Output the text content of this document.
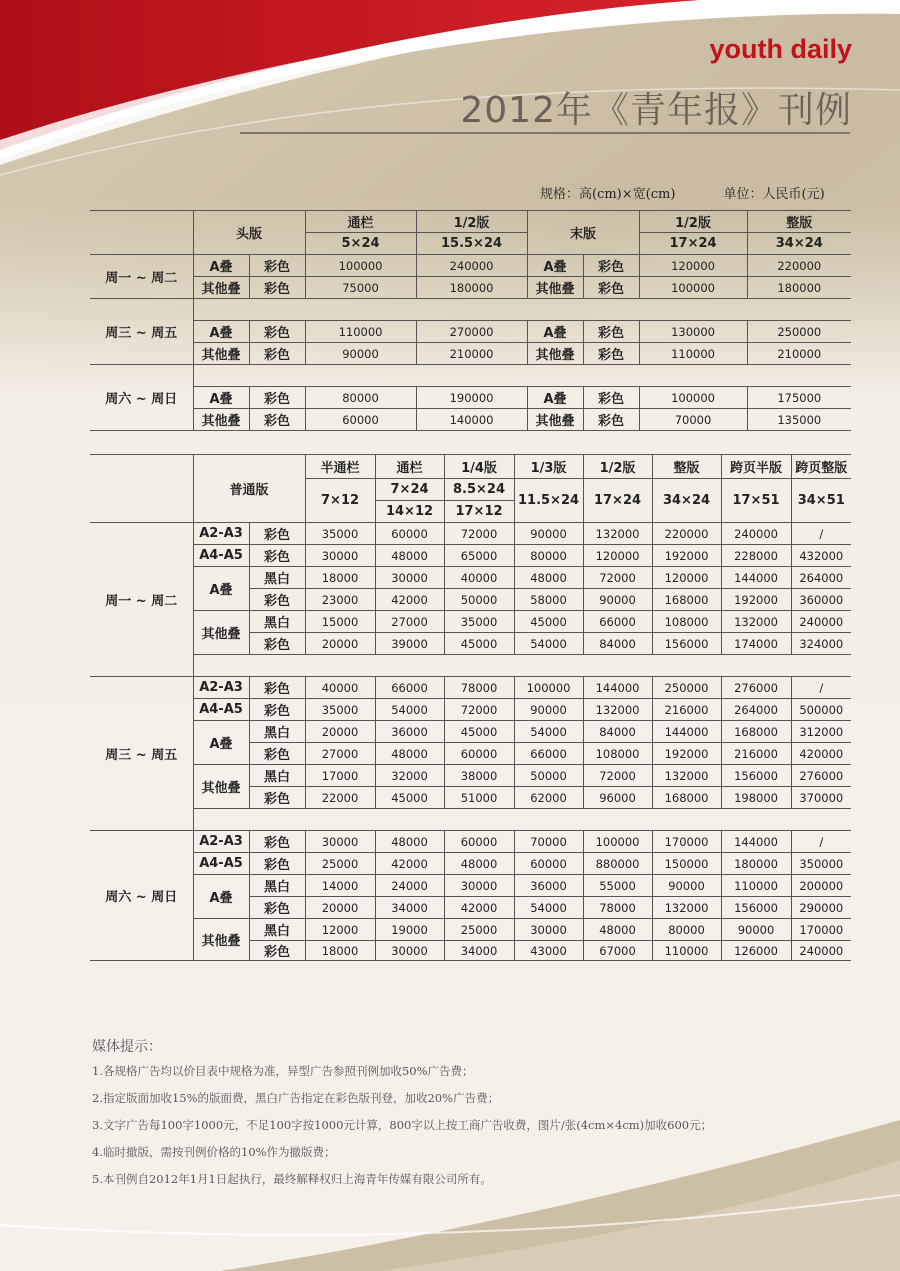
youth daily
2012年《青年报》刊例
规格：高(cm)×宽(cm)	单位：人民币(元)
	头版		通栏	1/2版	末版		1/2版	整版
			5×24	15.5×24			17×24	34×24
周一 ~ 周二	A叠	彩色	100000	240000	A叠	彩色	120000	220000
	其他叠	彩色	75000	180000	其他叠	彩色	100000	180000
周三 ~ 周五								
	A叠	彩色	110000	270000	A叠	彩色	130000	250000
	其他叠	彩色	90000	210000	其他叠	彩色	110000	210000
周六 ~ 周日								
	A叠	彩色	80000	190000	A叠	彩色	100000	175000
	其他叠	彩色	60000	140000	其他叠	彩色	70000	135000
	普通版		半通栏	通栏	1/4版	1/3版	1/2版	整版	跨页半版	跨页整版
			7×12	7×24	8.5×24	11.5×24	17×24	34×24	17×51	34×51
				14×12	17×12					
周一 ~ 周二	A2-A3	彩色	35000	60000	72000	90000	132000	220000	240000	/
	A4-A5	彩色	30000	48000	65000	80000	120000	192000	228000	432000
	A叠	黑白	18000	30000	40000	48000	72000	120000	144000	264000
		彩色	23000	42000	50000	58000	90000	168000	192000	360000
	其他叠	黑白	15000	27000	35000	45000	66000	108000	132000	240000
		彩色	20000	39000	45000	54000	84000	156000	174000	324000

周三 ~ 周五	A2-A3	彩色	40000	66000	78000	100000	144000	250000	276000	/
	A4-A5	彩色	35000	54000	72000	90000	132000	216000	264000	500000
	A叠	黑白	20000	36000	45000	54000	84000	144000	168000	312000
		彩色	27000	48000	60000	66000	108000	192000	216000	420000
	其他叠	黑白	17000	32000	38000	50000	72000	132000	156000	276000
		彩色	22000	45000	51000	62000	96000	168000	198000	370000

周六 ~ 周日	A2-A3	彩色	30000	48000	60000	70000	100000	170000	144000	/
	A4-A5	彩色	25000	42000	48000	60000	880000	150000	180000	350000
	A叠	黑白	14000	24000	30000	36000	55000	90000	110000	200000
		彩色	20000	34000	42000	54000	78000	132000	156000	290000
	其他叠	黑白	12000	19000	25000	30000	48000	80000	90000	170000
		彩色	18000	30000	34000	43000	67000	110000	126000	240000
媒体提示：
1.各规格广告均以价目表中规格为准，异型广告参照刊例加收50%广告费；
2.指定版面加收15%的版面费，黑白广告指定在彩色版刊登，加收20%广告费；
3.文字广告每100字1000元，不足100字按1000元计算，800字以上按工商广告收费，图片/张(4cm×4cm)加收600元；
4.临时撤版，需按刊例价格的10%作为撤版费；
5.本刊例自2012年1月1日起执行，最终解释权归上海青年传媒有限公司所有。
